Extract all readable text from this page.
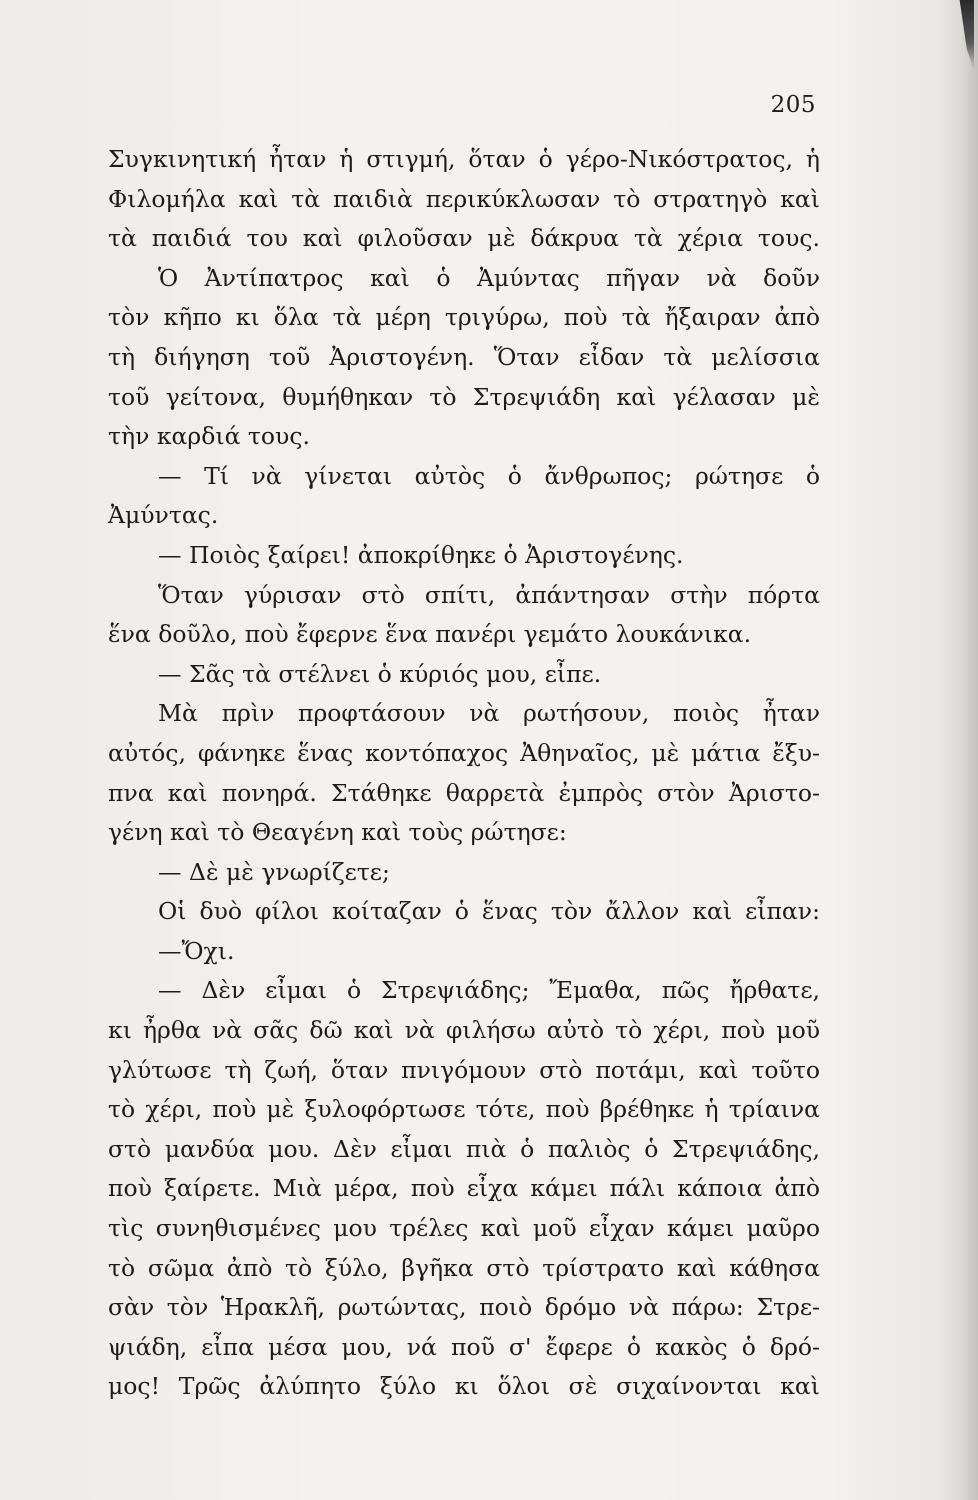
205
Συγκινητική ἦταν ἡ στιγμή, ὅταν ὁ γέρο-Νικόστρατος, ἡ
Φιλομήλα καὶ τὰ παιδιὰ περικύκλωσαν τὸ στρατηγὸ καὶ
τὰ παιδιά του καὶ φιλοῦσαν μὲ δάκρυα τὰ χέρια τους.
Ὁ Ἀντίπατρος καὶ ὁ Ἀμύντας πῆγαν νὰ δοῦν
τὸν κῆπο κι ὅλα τὰ μέρη τριγύρω, ποὺ τὰ ἤξαιραν ἀπὸ
τὴ διήγηση τοῦ Ἀριστογένη. Ὅταν εἶδαν τὰ μελίσσια
τοῦ γείτονα, θυμήθηκαν τὸ Στρεψιάδη καὶ γέλασαν μὲ
τὴν καρδιά τους.
— Τί νὰ γίνεται αὐτὸς ὁ ἄνθρωπος; ρώτησε ὁ
Ἀμύντας.
— Ποιὸς ξαίρει! ἀποκρίθηκε ὁ Ἀριστογένης.
Ὅταν γύρισαν στὸ σπίτι, ἀπάντησαν στὴν πόρτα
ἕνα δοῦλο, ποὺ ἔφερνε ἕνα πανέρι γεμάτο λουκάνικα.
— Σᾶς τὰ στέλνει ὁ κύριός μου, εἶπε.
Μὰ πρὶν προφτάσουν νὰ ρωτήσουν, ποιὸς ἦταν
αὐτός, φάνηκε ἕνας κοντόπαχος Ἀθηναῖος, μὲ μάτια ἔξυ-
πνα καὶ πονηρά. Στάθηκε θαρρετὰ ἐμπρὸς στὸν Ἀριστο-
γένη καὶ τὸ Θεαγένη καὶ τοὺς ρώτησε:
— Δὲ μὲ γνωρίζετε;
Οἱ δυὸ φίλοι κοίταζαν ὁ ἕνας τὸν ἄλλον καὶ εἶπαν:
—Ὄχι.
— Δὲν εἶμαι ὁ Στρεψιάδης; Ἔμαθα, πῶς ἤρθατε,
κι ἦρθα νὰ σᾶς δῶ καὶ νὰ φιλήσω αὐτὸ τὸ χέρι, ποὺ μοῦ
γλύτωσε τὴ ζωή, ὅταν πνιγόμουν στὸ ποτάμι, καὶ τοῦτο
τὸ χέρι, ποὺ μὲ ξυλοφόρτωσε τότε, ποὺ βρέθηκε ἡ τρίαινα
στὸ μανδύα μου. Δὲν εἶμαι πιὰ ὁ παλιὸς ὁ Στρεψιάδης,
ποὺ ξαίρετε. Μιὰ μέρα, ποὺ εἶχα κάμει πάλι κάποια ἀπὸ
τὶς συνηθισμένες μου τρέλες καὶ μοῦ εἶχαν κάμει μαῦρο
τὸ σῶμα ἀπὸ τὸ ξύλο, βγῆκα στὸ τρίστρατο καὶ κάθησα
σὰν τὸν Ἡρακλῆ, ρωτώντας, ποιὸ δρόμο νὰ πάρω: Στρε-
ψιάδη, εἶπα μέσα μου, νά ποῦ σ' ἔφερε ὁ κακὸς ὁ δρό-
μος! Τρῶς ἀλύπητο ξύλο κι ὅλοι σὲ σιχαίνονται καὶ
